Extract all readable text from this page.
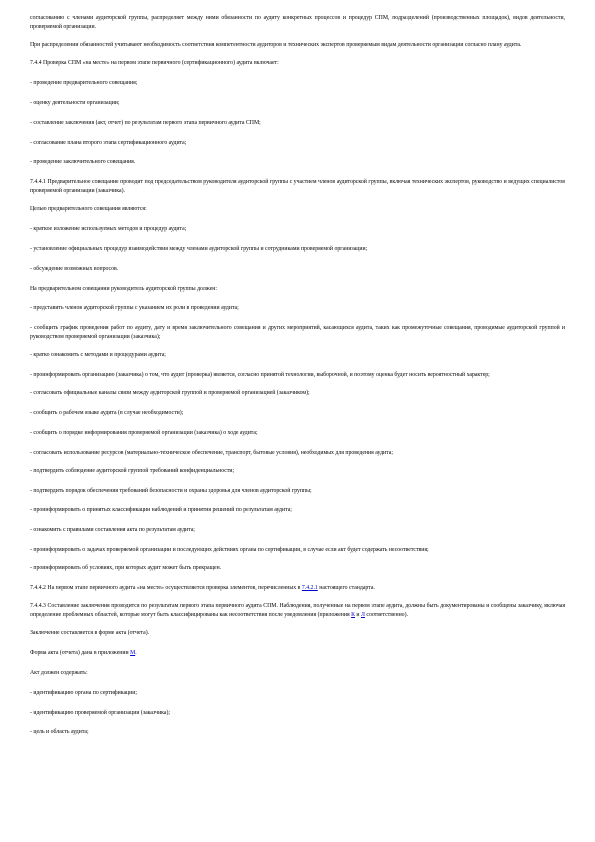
согласованию с членами аудиторской группы, распределяет между ними обязанности по аудиту конкретных процессов и процедур СПМ, подразделений (производственных площадок), видов деятельности, проверяемой организации.

При распределении обязанностей учитывают необходимость соответствия компетентности аудиторов и технических экспертов проверяемым видам деятельности организации согласно плану аудита.

7.4.4 Проверка СПМ «на месте» на первом этапе первичного (сертификационного) аудита включает:

- проведение предварительного совещания;

- оценку деятельности организации;

- составление заключения (акт, отчет) по результатам первого этапа первичного аудита СПМ;

- согласование плана второго этапа сертификационного аудита;

- проведение заключительного совещания.

7.4.4.1 Предварительное совещание проводит под председательством руководителя аудиторской группы с участием членов аудиторской группы, включая технических экспертов, руководство и ведущих специалистов проверяемой организации (заказчика).

Целью предварительного совещания являются:

- краткое изложение используемых методов и процедур аудита;

- установление официальных процедур взаимодействия между членами аудиторской группы и сотрудниками проверяемой организации;

- обсуждение возможных вопросов.

На предварительном совещании руководитель аудиторской группы должен:

- представить членов аудиторской группы с указанием их роли в проведении аудита;

- сообщить график проведения работ по аудиту, дату и время заключительного совещания и других мероприятий, касающихся аудита, таких как промежуточные совещания, проводимые аудиторской группой и руководством проверяемой организации (заказчика);

- кратко ознакомить с методами и процедурами аудита;

- проинформировать организацию (заказчика) о том, что аудит (проверка) является, согласно принятой технологии, выборочной, и поэтому оценка будет носить вероятностный характер;

- согласовать официальные каналы связи между аудиторской группой и проверяемой организацией (заказчиком);

- сообщить о рабочем языке аудита (в случае необходимости);

- сообщить о порядке информирования проверяемой организации (заказчика) о ходе аудита;

- согласовать использование ресурсов (материально-техническое обеспечение, транспорт, бытовые условия), необходимых для проведения аудита;

- подтвердить соблюдение аудиторской группой требований конфиденциальности;

- подтвердить порядок обеспечения требований безопасности и охраны здоровья для членов аудиторской группы;

- проинформировать о принятых классификации наблюдений и принятия решений по результатам аудита;

- ознакомить с правилами составления акта по результатам аудита;

- проинформировать о задачах проверяемой организации и последующих действиях органа по сертификации, в случае если акт будет содержать несоответствия;

- проинформировать об условиях, при которых аудит может быть прекращен.

7.4.4.2 На первом этапе первичного аудита «на месте» осуществляется проверка элементов, перечисленных в 7.4.2.1 настоящего стандарта.

7.4.4.3 Составление заключения проводится по результатам первого этапа первичного аудита СПМ. Наблюдения, полученные на первом этапе аудита, должны быть документированы и сообщены заказчику, включая определение проблемных областей, которые могут быть классифицированы как несоответствия после уведомления (приложения К и Л соответственно).

Заключение составляется в форме акта (отчета).

Форма акта (отчета) дана в приложении М.

Акт должен содержать:

- идентификацию органа по сертификации;

- идентификацию проверяемой организации (заказчика);

- цель и область аудита;
